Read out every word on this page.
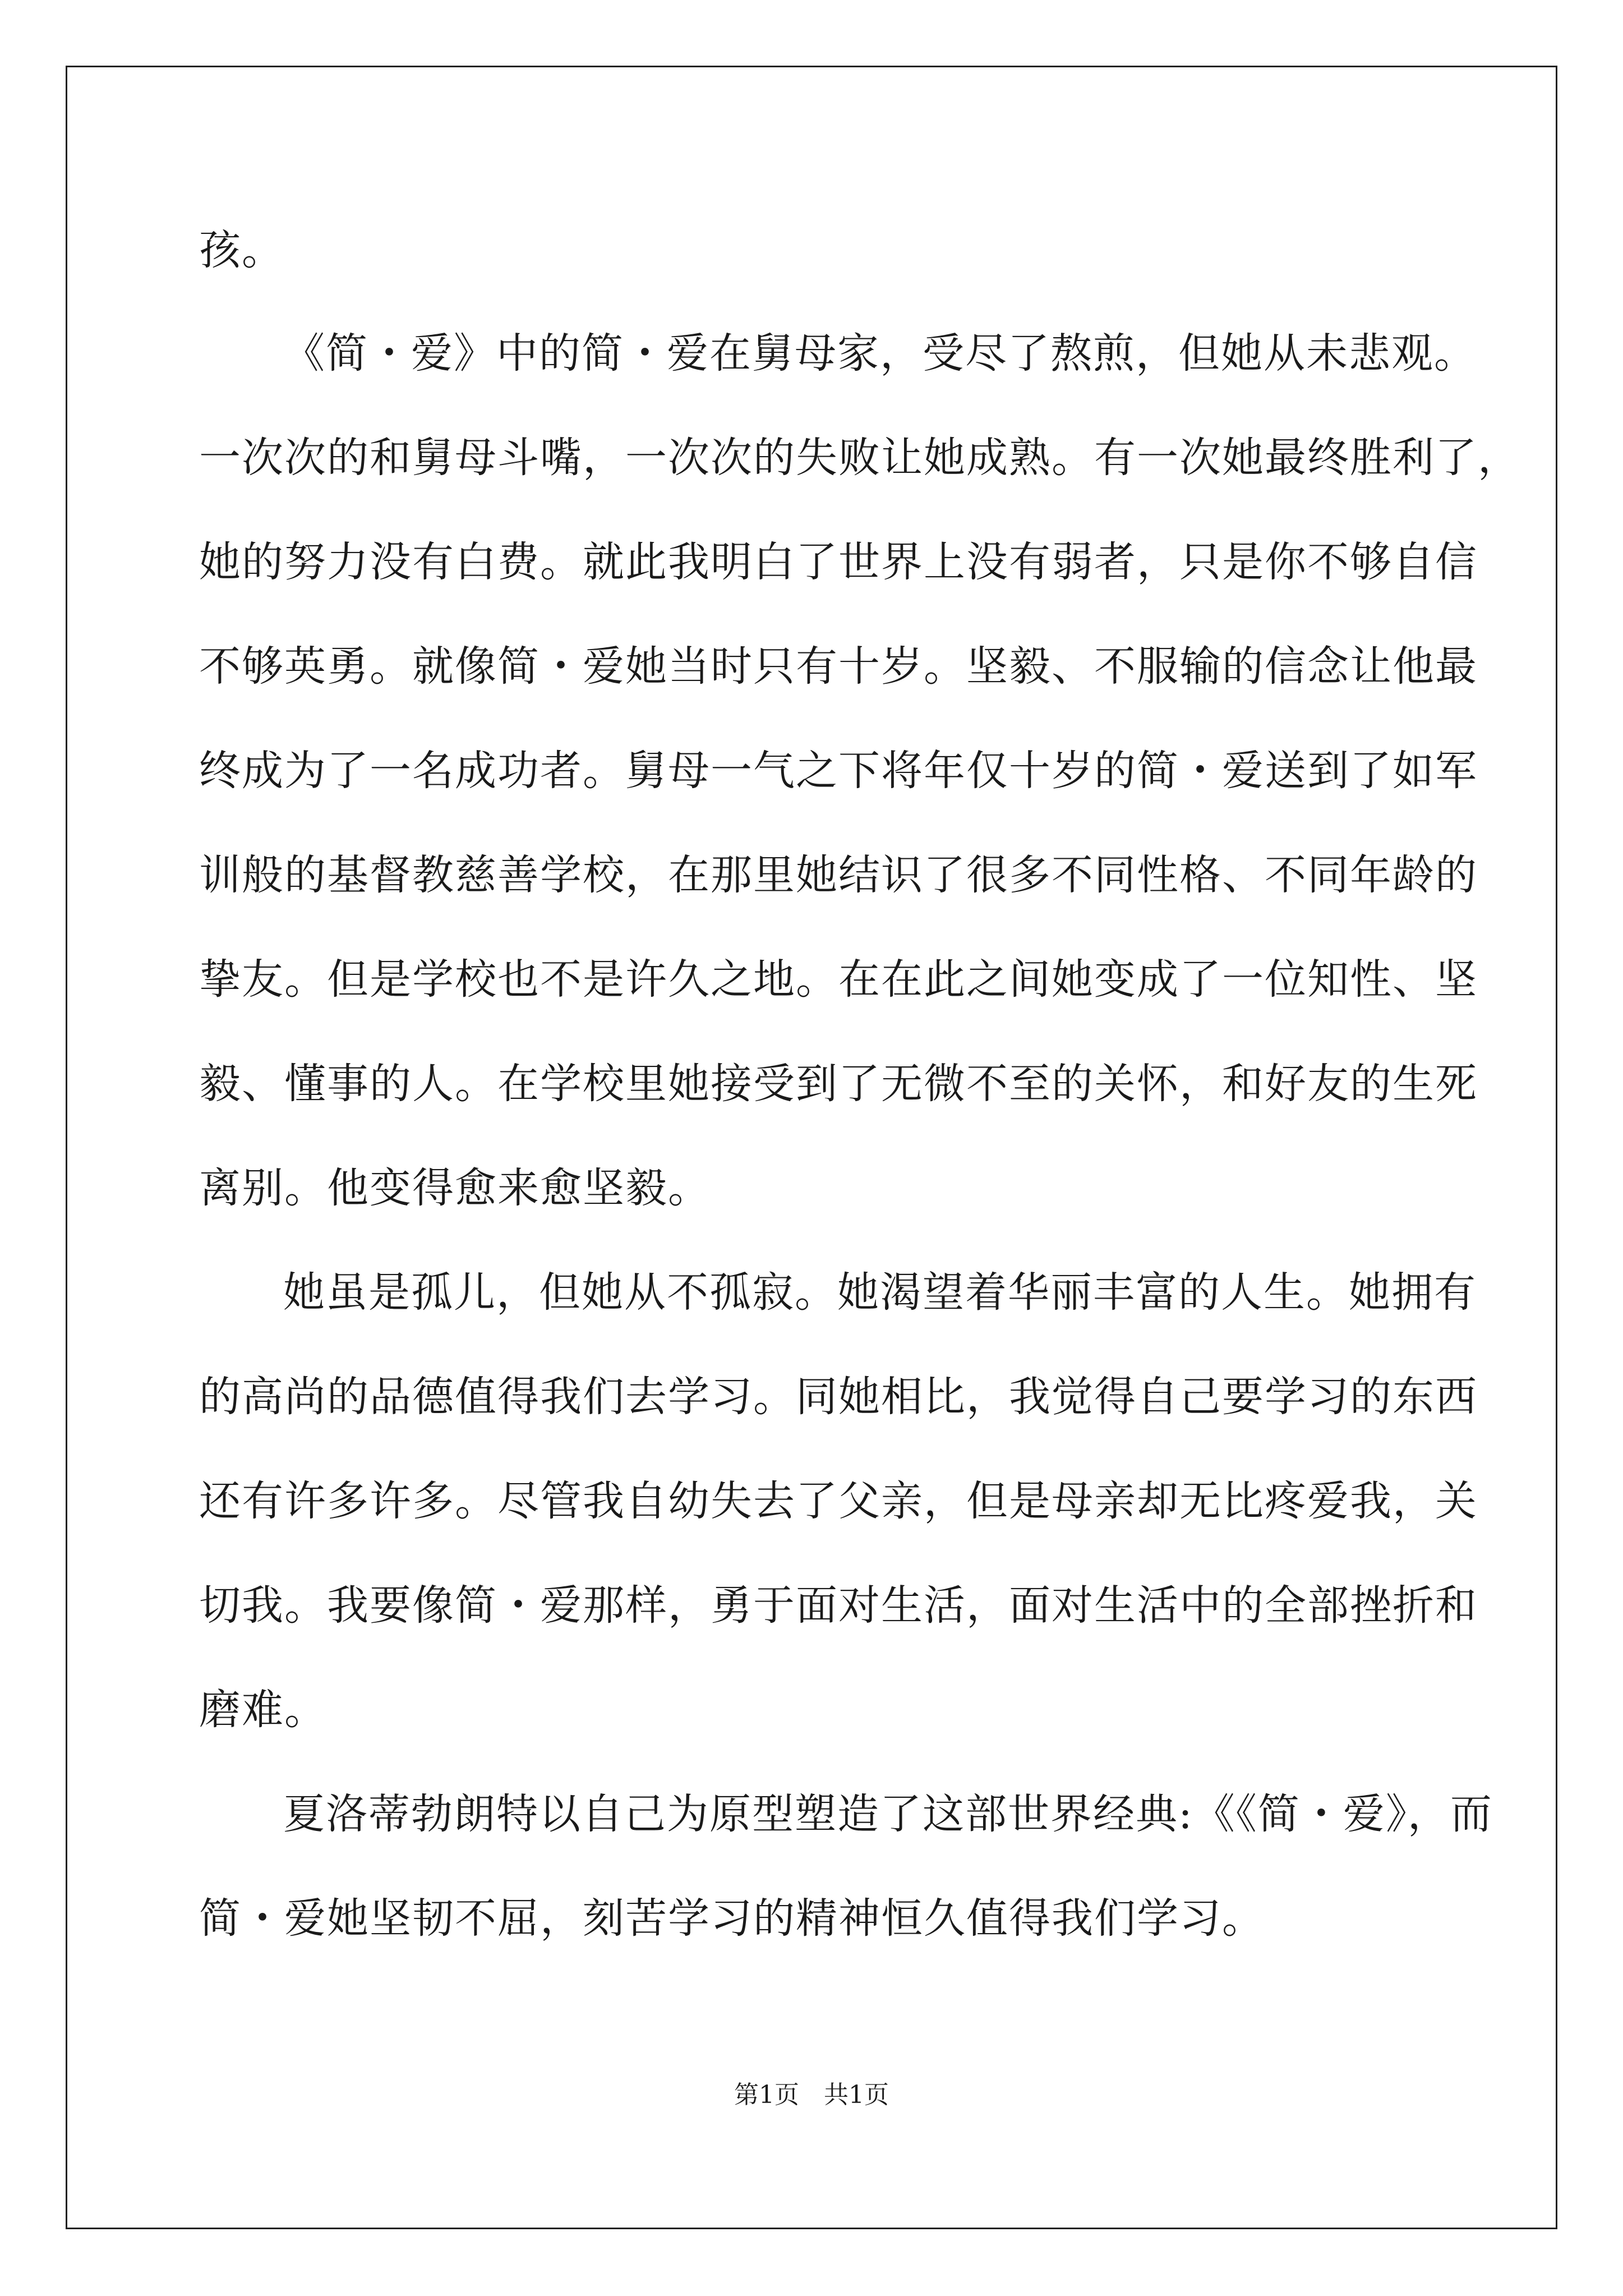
孩。
《简・爱》中的简・爱在舅母家，受尽了熬煎，但她从未悲观。
一次次的和舅母斗嘴，一次次的失败让她成熟。有一次她最终胜利了，
她的努力没有白费。就此我明白了世界上没有弱者，只是你不够自信
不够英勇。就像简・爱她当时只有十岁。坚毅、不服输的信念让他最
终成为了一名成功者。舅母一气之下将年仅十岁的简・爱送到了如军
训般的基督教慈善学校，在那里她结识了很多不同性格、不同年龄的
挚友。但是学校也不是许久之地。在在此之间她变成了一位知性、坚
毅、懂事的人。在学校里她接受到了无微不至的关怀，和好友的生死
离别。他变得愈来愈坚毅。
她虽是孤儿，但她从不孤寂。她渴望着华丽丰富的人生。她拥有
的高尚的品德值得我们去学习。同她相比，我觉得自己要学习的东西
还有许多许多。尽管我自幼失去了父亲，但是母亲却无比疼爱我，关
切我。我要像简・爱那样，勇于面对生活，面对生活中的全部挫折和
磨难。
夏洛蒂勃朗特以自己为原型塑造了这部世界经典:《《简・爱》，而
简・爱她坚韧不屈，刻苦学习的精神恒久值得我们学习。
第1页　共1页
